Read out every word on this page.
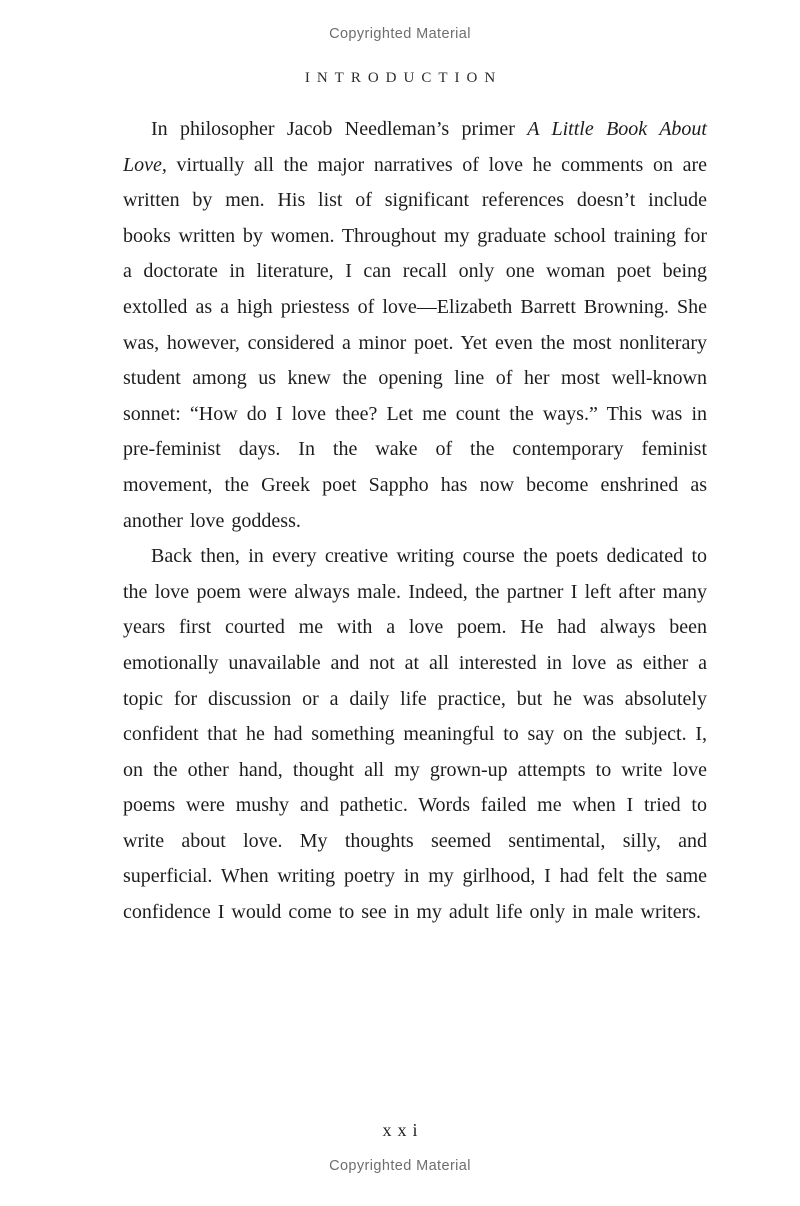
Copyrighted Material
INTRODUCTION

In philosopher Jacob Needleman’s primer A Little Book About Love, virtually all the major narratives of love he comments on are written by men. His list of significant references doesn’t include books written by women. Throughout my graduate school training for a doctorate in literature, I can recall only one woman poet being extolled as a high priestess of love—Elizabeth Barrett Browning. She was, however, considered a minor poet. Yet even the most nonliterary student among us knew the opening line of her most well-known sonnet: “How do I love thee? Let me count the ways.” This was in pre-feminist days. In the wake of the contemporary feminist movement, the Greek poet Sappho has now become enshrined as another love goddess.

Back then, in every creative writing course the poets dedicated to the love poem were always male. Indeed, the partner I left after many years first courted me with a love poem. He had always been emotionally unavailable and not at all interested in love as either a topic for discussion or a daily life practice, but he was absolutely confident that he had something meaningful to say on the subject. I, on the other hand, thought all my grown-up attempts to write love poems were mushy and pathetic. Words failed me when I tried to write about love. My thoughts seemed sentimental, silly, and superficial. When writing poetry in my girlhood, I had felt the same confidence I would come to see in my adult life only in male writers.

xxi
Copyrighted Material
